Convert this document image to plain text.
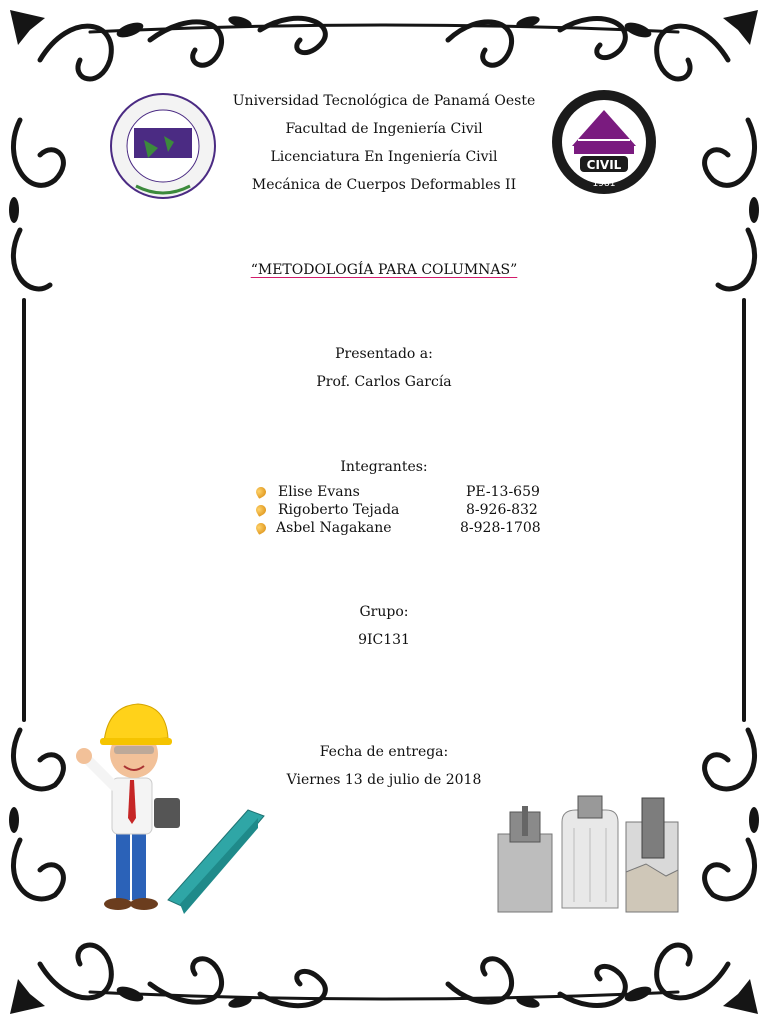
CIVIL
1981
Universidad Tecnológica de Panamá Oeste
Facultad de Ingeniería Civil
Licenciatura En Ingeniería Civil
Mecánica de Cuerpos Deformables II
“METODOLOGÍA PARA COLUMNAS”
Presentado a:
Prof. Carlos García
Integrantes:
Elise Evans	PE-13-659
Rigoberto Tejada	8-926-832
Asbel Nagakane	8-928-1708
Grupo:
9IC131
Fecha de entrega:
Viernes 13 de julio de 2018
